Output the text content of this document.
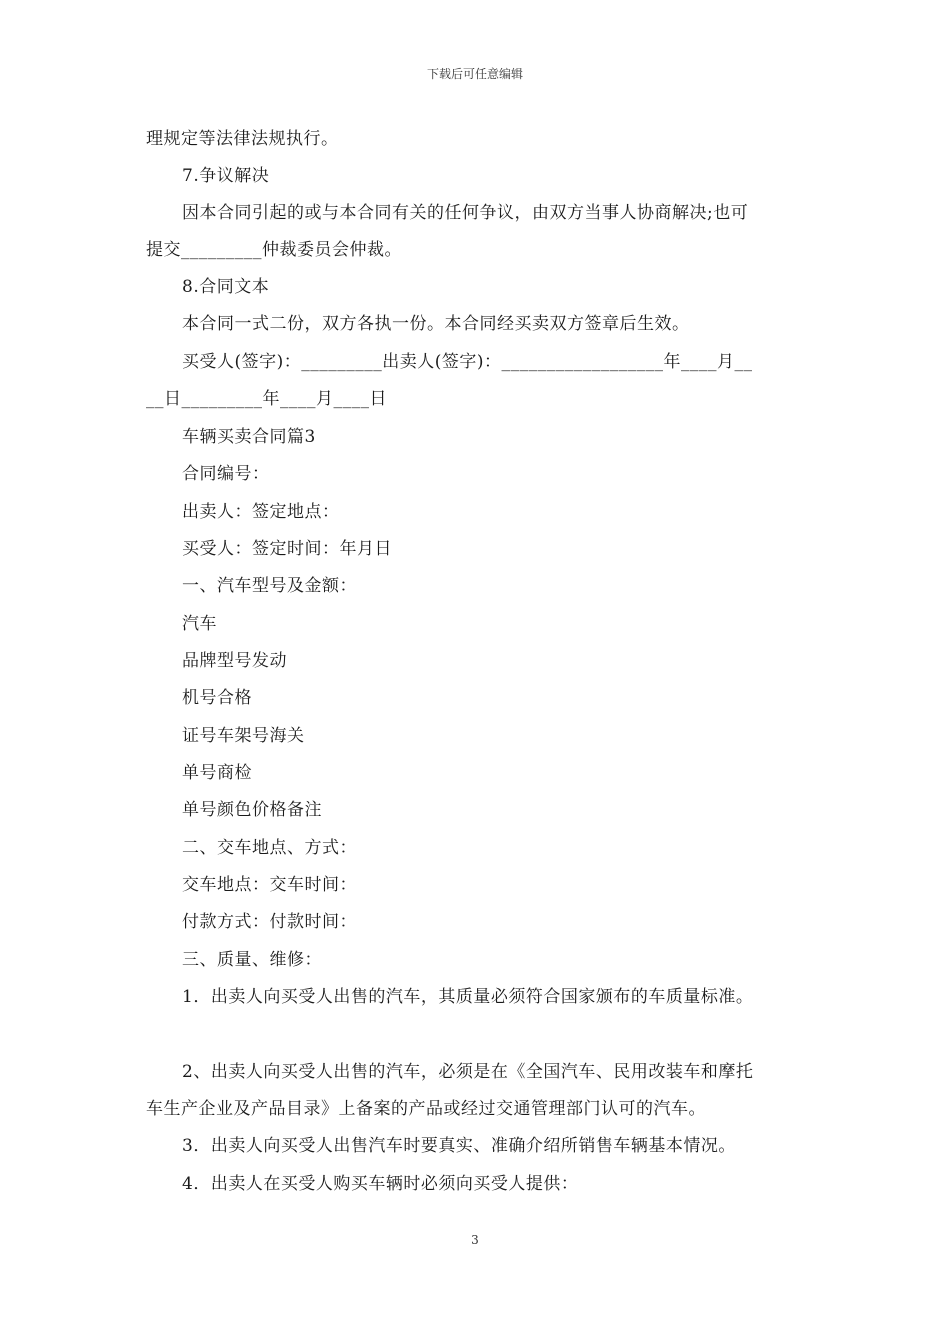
下载后可任意编辑
理规定等法律法规执行。
7.争议解决
因本合同引起的或与本合同有关的任何争议，由双方当事人协商解决;也可
提交_________仲裁委员会仲裁。
8.合同文本
本合同一式二份，双方各执一份。本合同经买卖双方签章后生效。
买受人(签字)：_________出卖人(签字)：__________________年____月__
__日_________年____月____日
车辆买卖合同篇3
合同编号：
出卖人：签定地点：
买受人：签定时间：年月日
一、汽车型号及金额：
汽车
品牌型号发动
机号合格
证号车架号海关
单号商检
单号颜色价格备注
二、交车地点、方式：
交车地点：交车时间：
付款方式：付款时间：
三、质量、维修：
1．出卖人向买受人出售的汽车，其质量必须符合国家颁布的车质量标准。
2、出卖人向买受人出售的汽车，必须是在《全国汽车、民用改装车和摩托
车生产企业及产品目录》上备案的产品或经过交通管理部门认可的汽车。
3．出卖人向买受人出售汽车时要真实、准确介绍所销售车辆基本情况。
4．出卖人在买受人购买车辆时必须向买受人提供：
3
